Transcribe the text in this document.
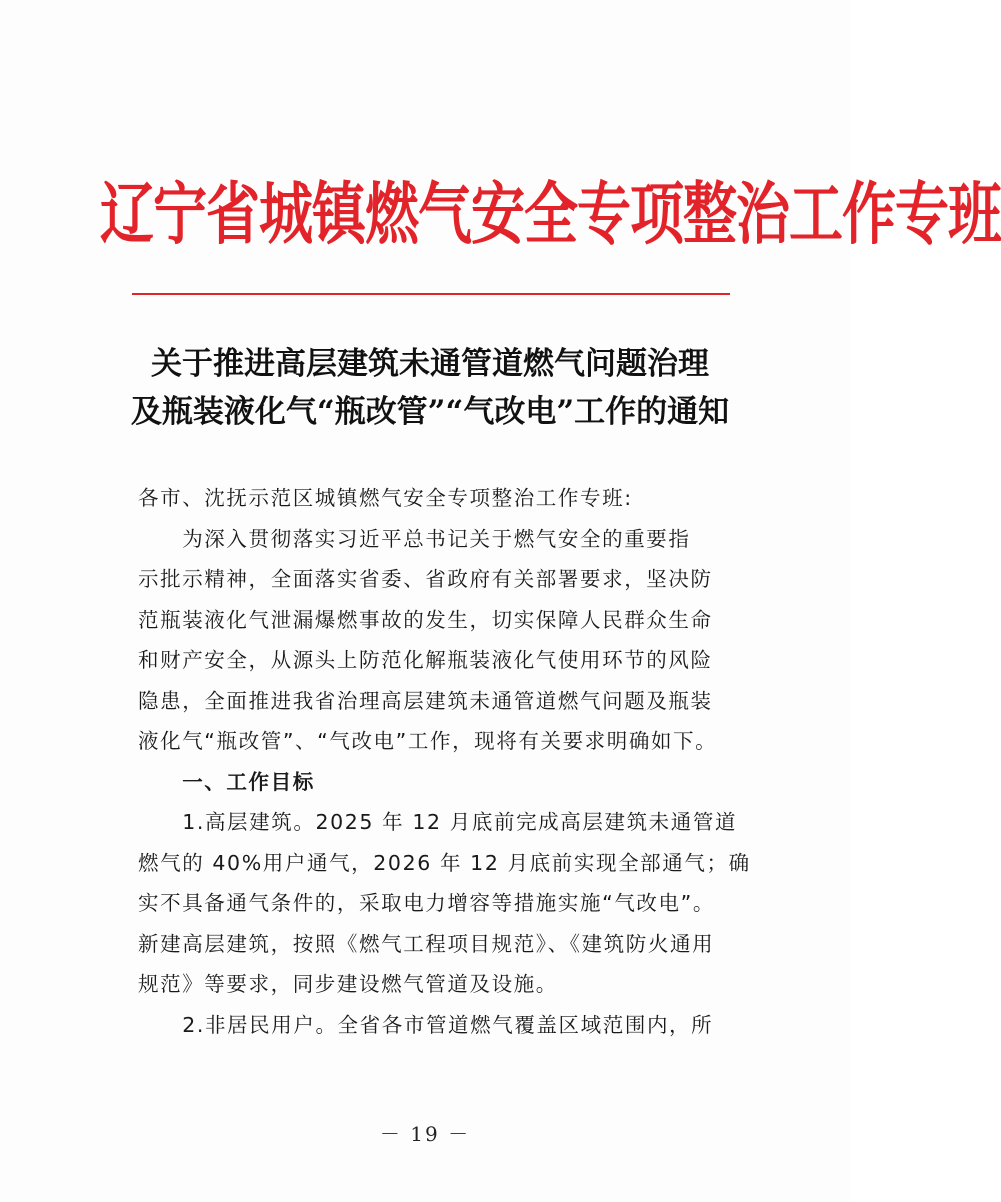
辽宁省城镇燃气安全专项整治工作专班
关于推进高层建筑未通管道燃气问题治理
及瓶装液化气“瓶改管”“气改电”工作的通知
各市、沈抚示范区城镇燃气安全专项整治工作专班:
　　为深入贯彻落实习近平总书记关于燃气安全的重要指
示批示精神，全面落实省委、省政府有关部署要求，坚决防
范瓶装液化气泄漏爆燃事故的发生，切实保障人民群众生命
和财产安全，从源头上防范化解瓶装液化气使用环节的风险
隐患，全面推进我省治理高层建筑未通管道燃气问题及瓶装
液化气“瓶改管”、“气改电”工作，现将有关要求明确如下。
　　一、工作目标
　　1.高层建筑。2025 年 12 月底前完成高层建筑未通管道
燃气的 40%用户通气，2026 年 12 月底前实现全部通气；确
实不具备通气条件的，采取电力增容等措施实施“气改电”。
新建高层建筑，按照《燃气工程项目规范》、《建筑防火通用
规范》等要求，同步建设燃气管道及设施。
　　2.非居民用户。全省各市管道燃气覆盖区域范围内，所
－ 19 －
